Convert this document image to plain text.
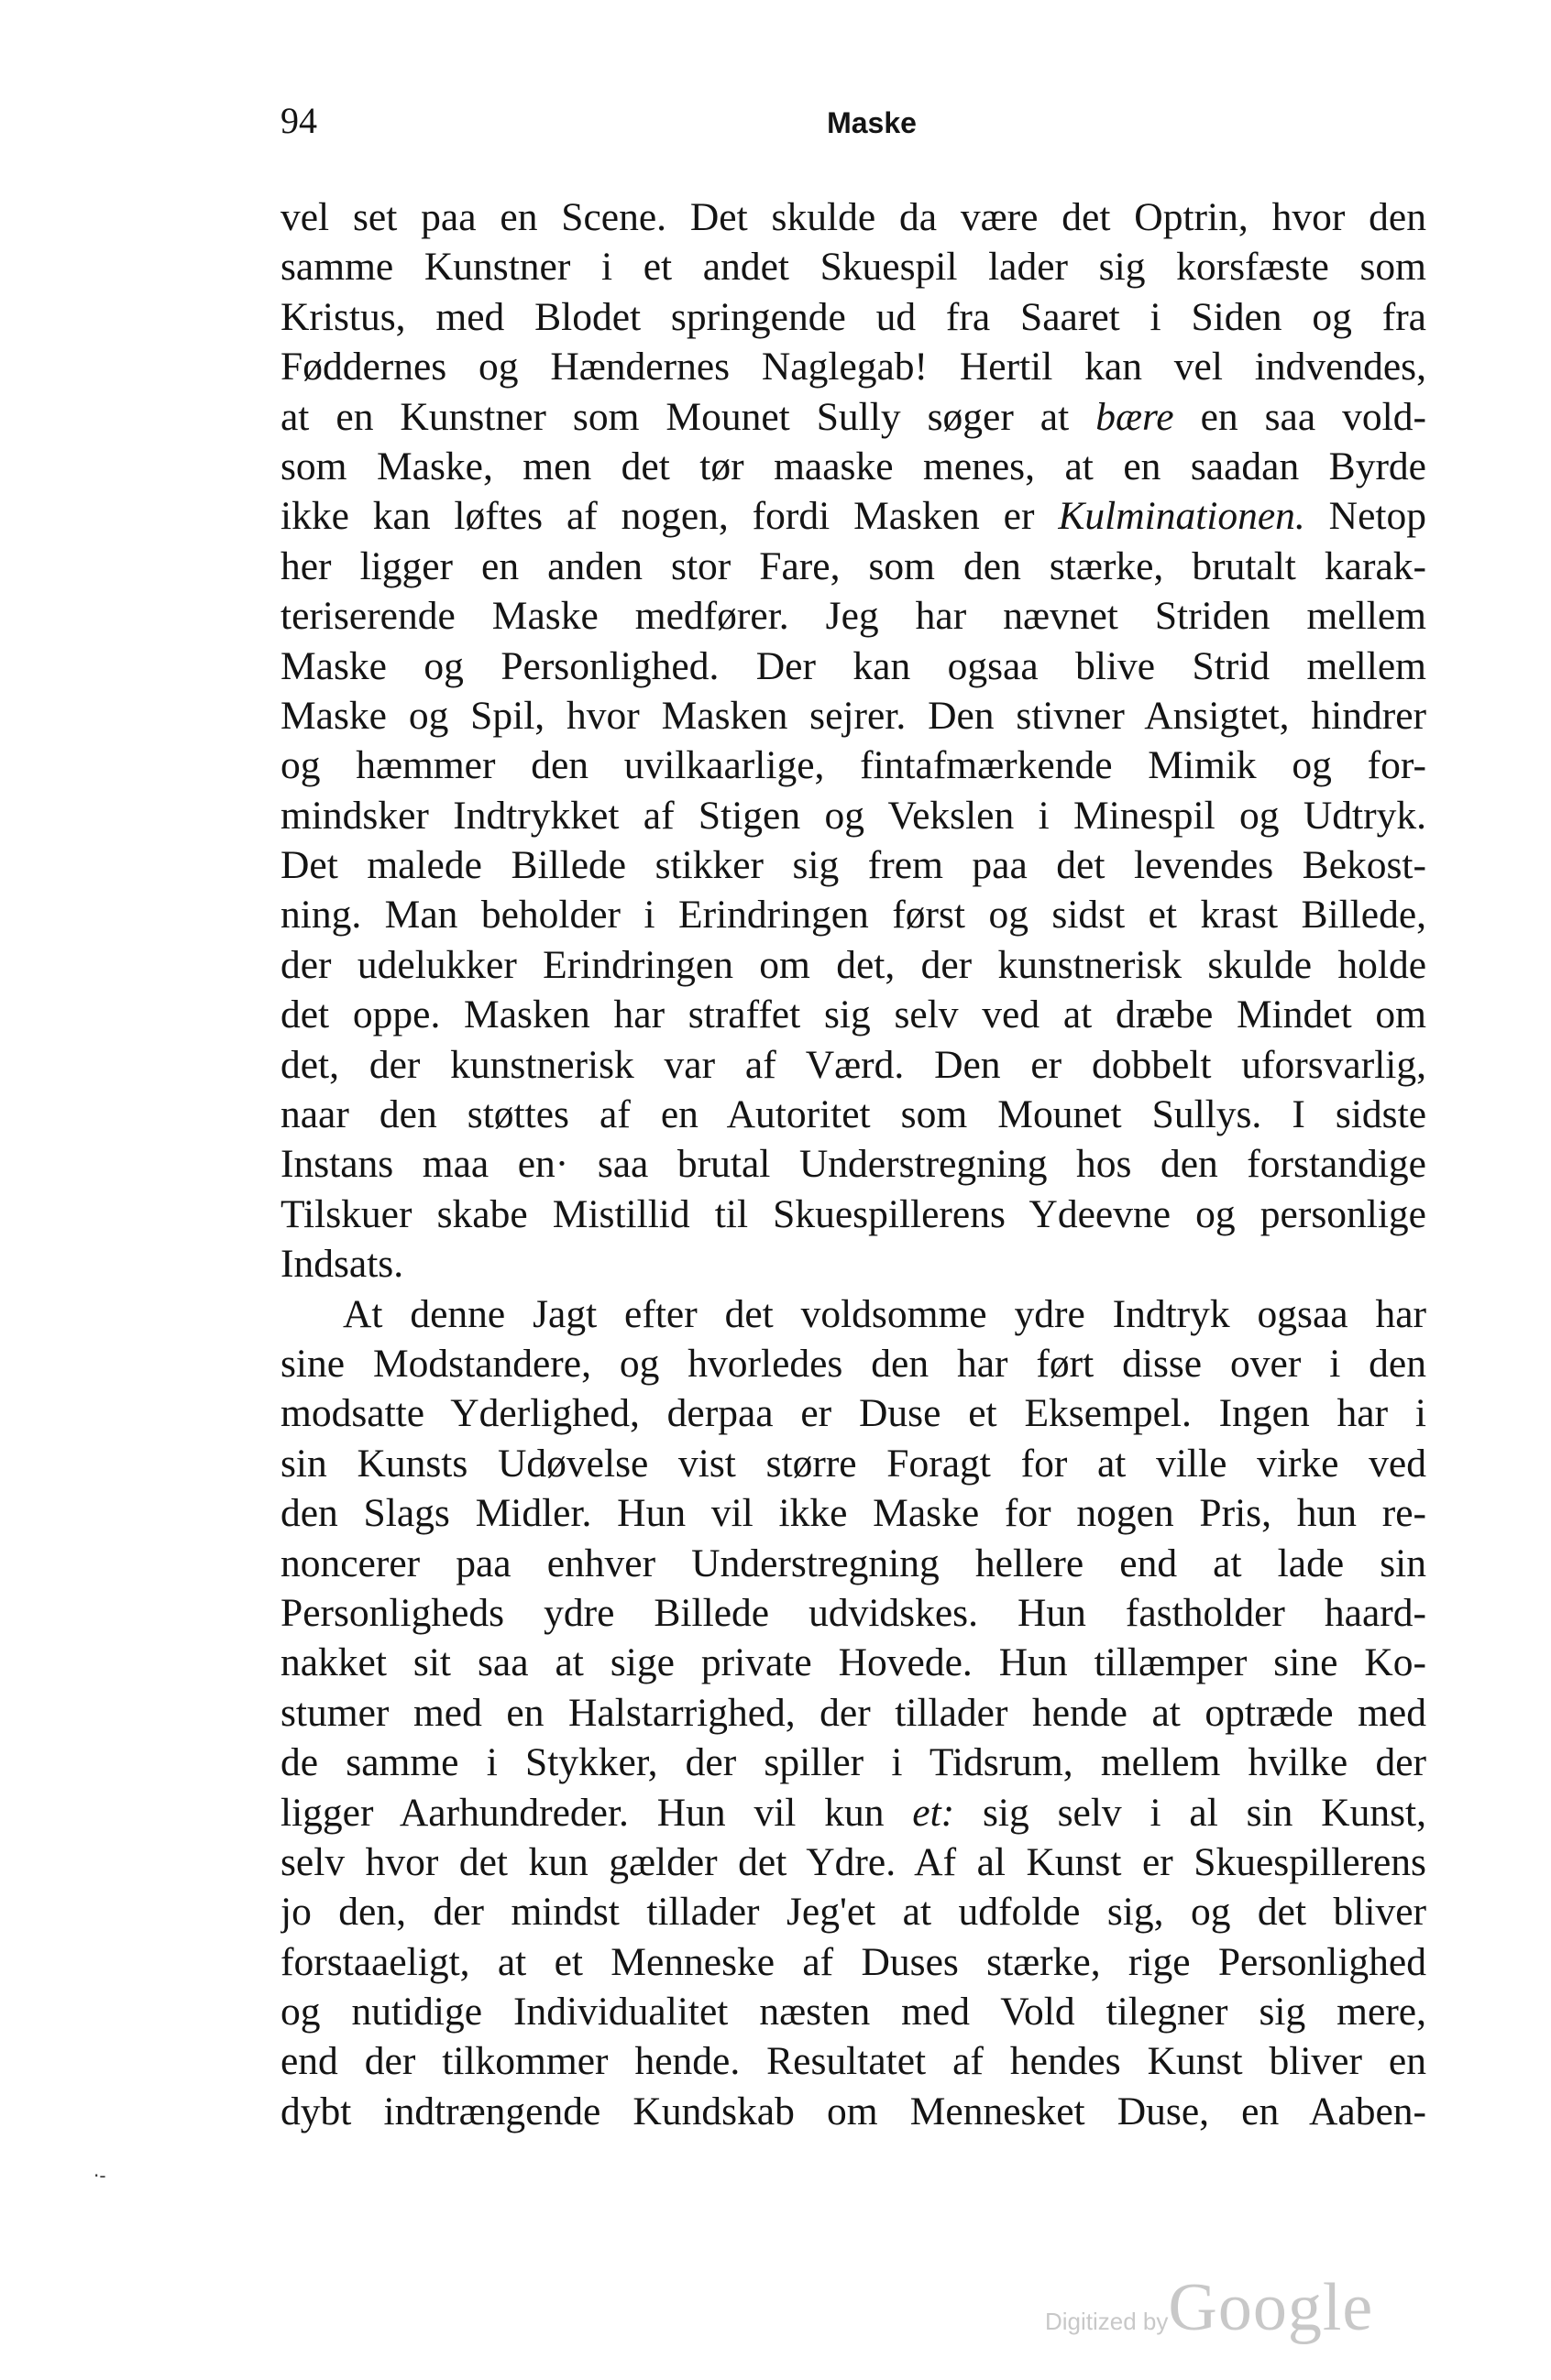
94	Maske
vel set paa en Scene. Det skulde da være det Optrin, hvor den
samme Kunstner i et andet Skuespil lader sig korsfæste som
Kristus, med Blodet springende ud fra Saaret i Siden og fra
Føddernes og Hændernes Naglegab! Hertil kan vel indvendes,
at en Kunstner som Mounet Sully søger at bære en saa vold-
som Maske, men det tør maaske menes, at en saadan Byrde
ikke kan løftes af nogen, fordi Masken er Kulminationen. Netop
her ligger en anden stor Fare, som den stærke, brutalt karak-
teriserende Maske medfører. Jeg har nævnet Striden mellem
Maske og Personlighed. Der kan ogsaa blive Strid mellem
Maske og Spil, hvor Masken sejrer. Den stivner Ansigtet, hindrer
og hæmmer den uvilkaarlige, fintafmærkende Mimik og for-
mindsker Indtrykket af Stigen og Vekslen i Minespil og Udtryk.
Det malede Billede stikker sig frem paa det levendes Bekost-
ning. Man beholder i Erindringen først og sidst et krast Billede,
der udelukker Erindringen om det, der kunstnerisk skulde holde
det oppe. Masken har straffet sig selv ved at dræbe Mindet om
det, der kunstnerisk var af Værd. Den er dobbelt uforsvarlig,
naar den støttes af en Autoritet som Mounet Sullys. I sidste
Instans maa en· saa brutal Understregning hos den forstandige
Tilskuer skabe Mistillid til Skuespillerens Ydeevne og personlige
Indsats.
At denne Jagt efter det voldsomme ydre Indtryk ogsaa har
sine Modstandere, og hvorledes den har ført disse over i den
modsatte Yderlighed, derpaa er Duse et Eksempel. Ingen har i
sin Kunsts Udøvelse vist større Foragt for at ville virke ved
den Slags Midler. Hun vil ikke Maske for nogen Pris, hun re-
noncerer paa enhver Understregning hellere end at lade sin
Personligheds ydre Billede udvidskes. Hun fastholder haard-
nakket sit saa at sige private Hovede. Hun tillæmper sine Ko-
stumer med en Halstarrighed, der tillader hende at optræde med
de samme i Stykker, der spiller i Tidsrum, mellem hvilke der
ligger Aarhundreder. Hun vil kun et: sig selv i al sin Kunst,
selv hvor det kun gælder det Ydre. Af al Kunst er Skuespillerens
jo den, der mindst tillader Jeg'et at udfolde sig, og det bliver
forstaaeligt, at et Menneske af Duses stærke, rige Personlighed
og nutidige Individualitet næsten med Vold tilegner sig mere,
end der tilkommer hende. Resultatet af hendes Kunst bliver en
dybt indtrængende Kundskab om Mennesket Duse, en Aaben-
·-
Digitized byGoogle
